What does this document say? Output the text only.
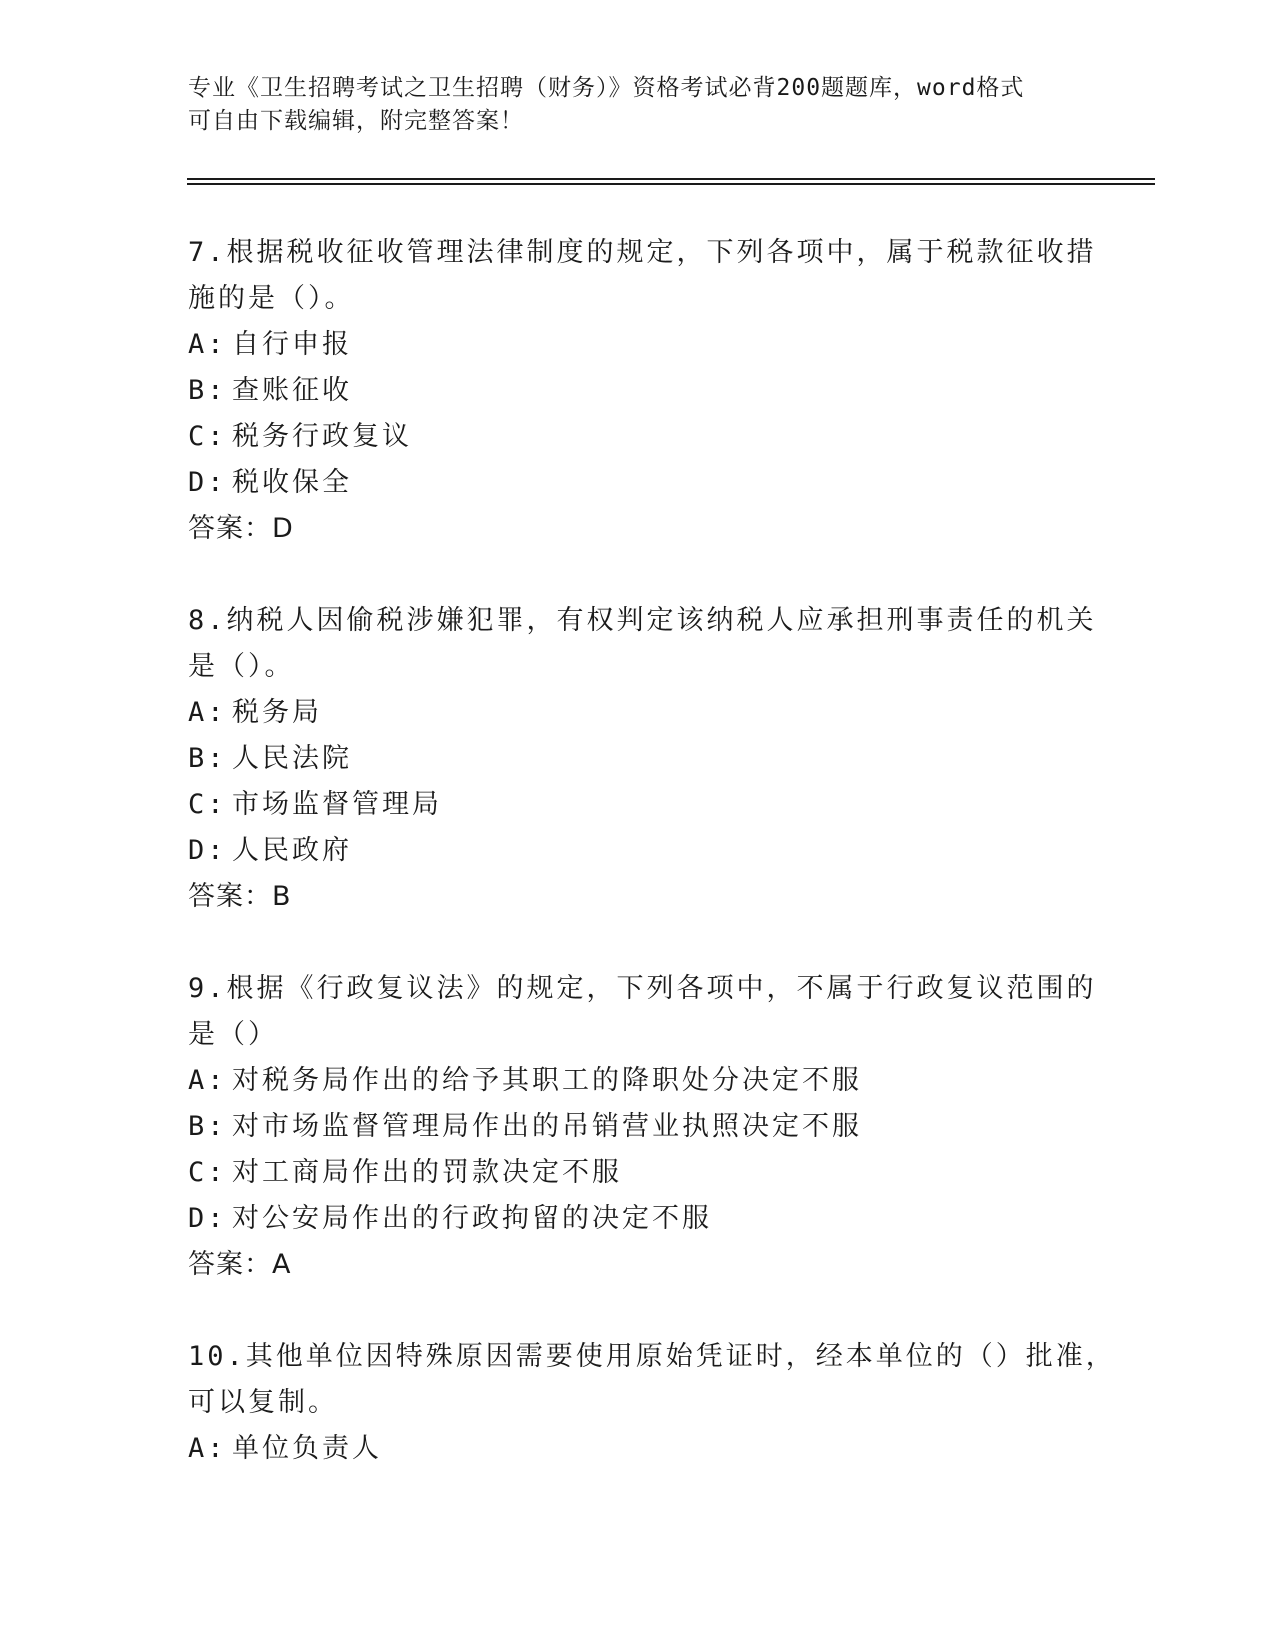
专业《卫生招聘考试之卫生招聘（财务）》资格考试必背200题题库，word格式
可自由下载编辑，附完整答案！
7.根据税收征收管理法律制度的规定，下列各项中，属于税款征收措
施的是（）。
A: 自行申报
B: 查账征收
C: 税务行政复议
D: 税收保全
答案：D
8.纳税人因偷税涉嫌犯罪，有权判定该纳税人应承担刑事责任的机关
是（）。
A: 税务局
B: 人民法院
C: 市场监督管理局
D: 人民政府
答案：B
9.根据《行政复议法》的规定，下列各项中，不属于行政复议范围的
是（）
A: 对税务局作出的给予其职工的降职处分决定不服
B: 对市场监督管理局作出的吊销营业执照决定不服
C: 对工商局作出的罚款决定不服
D: 对公安局作出的行政拘留的决定不服
答案：A
10.其他单位因特殊原因需要使用原始凭证时，经本单位的（）批准，
可以复制。
A: 单位负责人
